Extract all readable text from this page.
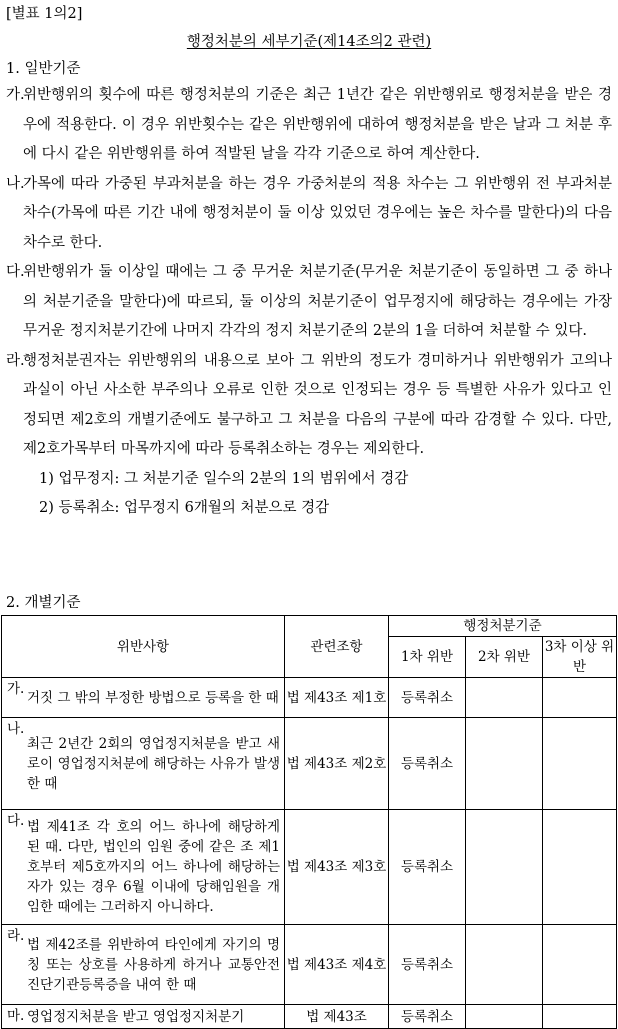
[별표 1의2]
행정처분의 세부기준(제14조의2 관련)
1. 일반기준
가.
위반행위의 횟수에 따른 행정처분의 기준은 최근 1년간 같은 위반행위로 행정처분을 받은 경우에 적용한다. 이 경우 위반횟수는 같은 위반행위에 대하여 행정처분을 받은 날과 그 처분 후에 다시 같은 위반행위를 하여 적발된 날을 각각 기준으로 하여 계산한다.
나.
가목에 따라 가중된 부과처분을 하는 경우 가중처분의 적용 차수는 그 위반행위 전 부과처분 차수(가목에 따른 기간 내에 행정처분이 둘 이상 있었던 경우에는 높은 차수를 말한다)의 다음 차수로 한다.
다.
위반행위가 둘 이상일 때에는 그 중 무거운 처분기준(무거운 처분기준이 동일하면 그 중 하나의 처분기준을 말한다)에 따르되, 둘 이상의 처분기준이 업무정지에 해당하는 경우에는 가장 무거운 정지처분기간에 나머지 각각의 정지 처분기준의 2분의 1을 더하여 처분할 수 있다.
라.
행정처분권자는 위반행위의 내용으로 보아 그 위반의 정도가 경미하거나 위반행위가 고의나 과실이 아닌 사소한 부주의나 오류로 인한 것으로 인정되는 경우 등 특별한 사유가 있다고 인정되면 제2호의 개별기준에도 불구하고 그 처분을 다음의 구분에 따라 감경할 수 있다. 다만, 제2호가목부터 마목까지에 따라 등록취소하는 경우는 제외한다.
1) 업무정지: 그 처분기준 일수의 2분의 1의 범위에서 경감
2) 등록취소: 업무정지 6개월의 처분으로 경감
2. 개별기준
위반사항	관련조항	행정처분기준		
		1차 위반	2차 위반	3차 이상 위반

가.
거짓 그 밖의 부정한 방법으로 등록을 한 때	법 제43조 제1호	등록취소		

나.
최근 2년간 2회의 영업정지처분을 받고 새로이 영업정지처분에 해당하는 사유가 발생한 때	법 제43조 제2호	등록취소		

다. 법 제41조 각 호의 어느 하나에 해당하게 된 때. 다만, 법인의 임원 중에 같은 조 제1호부터 제5호까지의 어느 하나에 해당하는 자가 있는 경우 6월 이내에 당해임원을 개임한 때에는 그러하지 아니하다.	법 제43조 제3호	등록취소		

라.
법 제42조를 위반하여 타인에게 자기의 명칭 또는 상호를 사용하게 하거나 교통안전진단기관등록증을 내여 한 때	법 제43조 제4호	등록취소		

마. 영업정지처분을 받고 영업정지처분기	법 제43조	등록취소		
